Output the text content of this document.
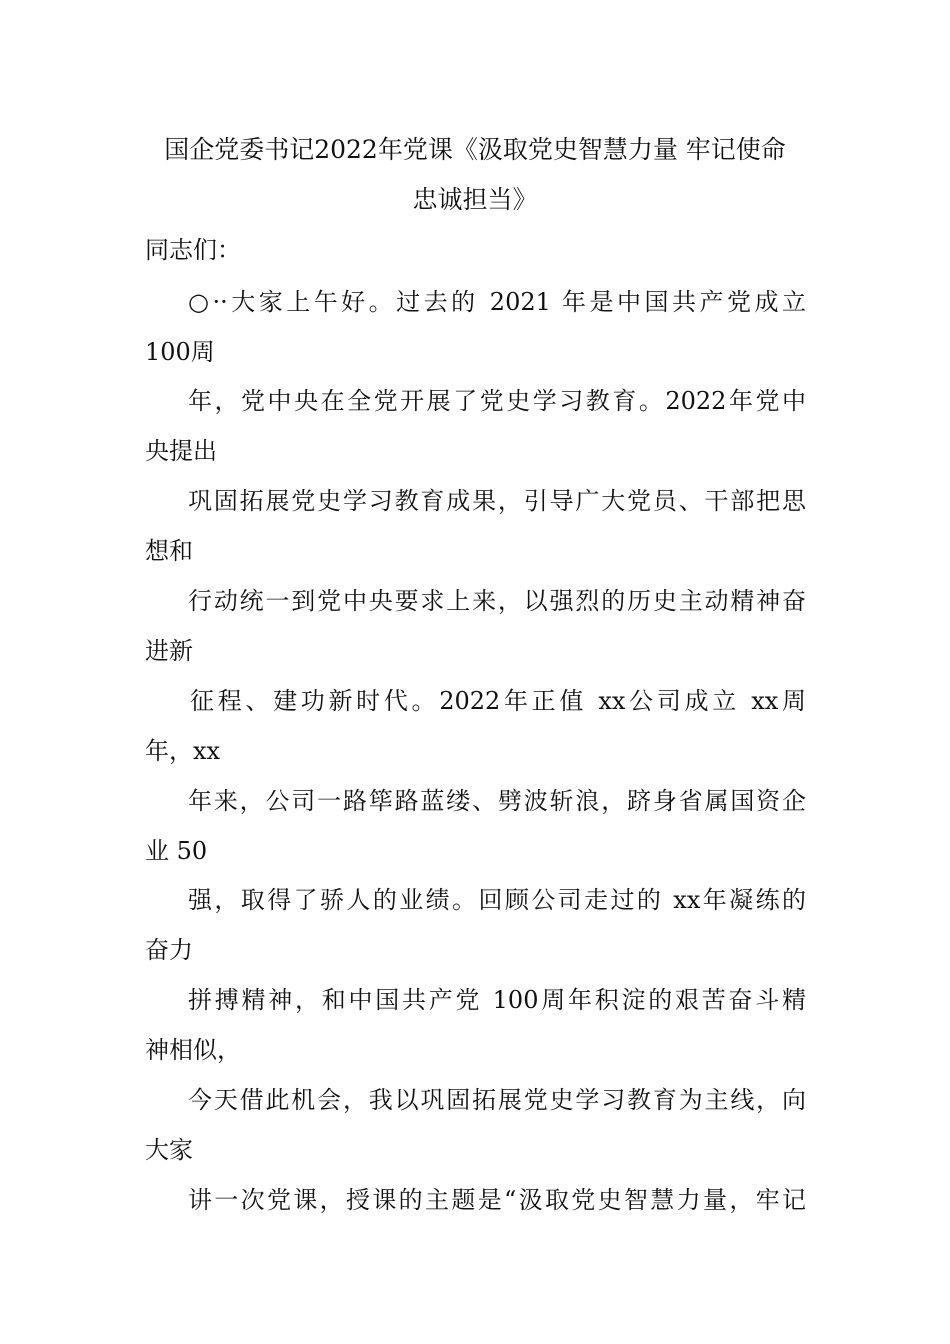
国企党委书记2022年党课《汲取党史智慧力量 牢记使命
忠诚担当》
同志们：
○··大家上午好。过去的 2021 年是中国共产党成立
100周
年，党中央在全党开展了党史学习教育。2022年党中
央提出
巩固拓展党史学习教育成果，引导广大党员、干部把思
想和
行动统一到党中央要求上来，以强烈的历史主动精神奋
进新
征程、建功新时代。2022年正值 xx公司成立 xx周
年，xx
年来，公司一路筚路蓝缕、劈波斩浪，跻身省属国资企
业 50
强，取得了骄人的业绩。回顾公司走过的 xx年凝练的
奋力
拼搏精神，和中国共产党 100周年积淀的艰苦奋斗精
神相似，
今天借此机会，我以巩固拓展党史学习教育为主线，向
大家
讲一次党课，授课的主题是“汲取党史智慧力量，牢记
